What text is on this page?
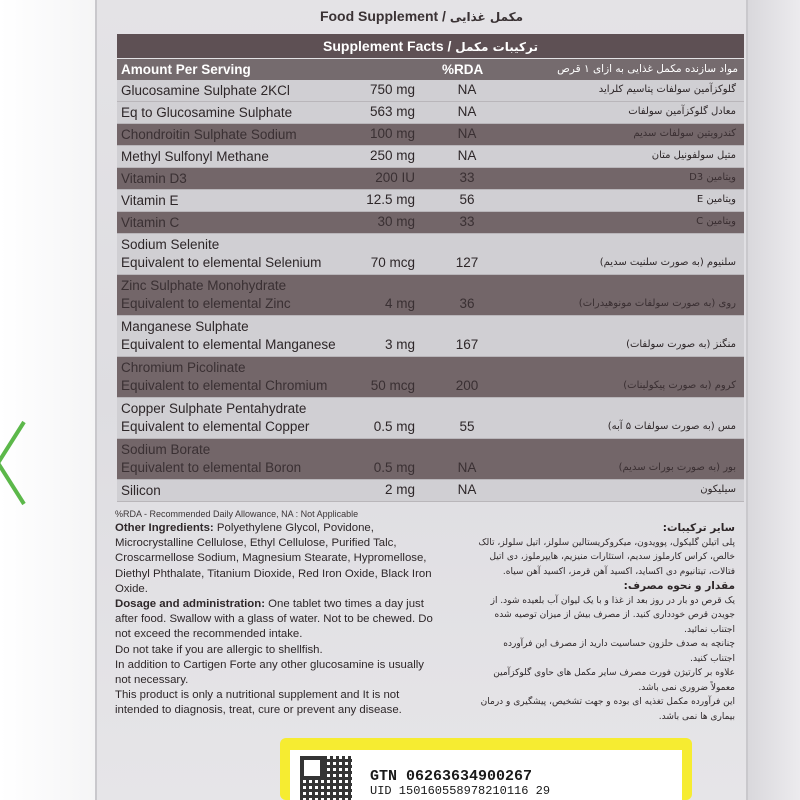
Food Supplement / مکمل غذایی
Supplement Facts / ترکیبات مکمل
Amount Per Serving	%RDA	مواد سازنده مکمل غذایی به ازای ۱ قرص
Glucosamine Sulphate 2KCl	750 mg	NA	گلوکزآمین سولفات پتاسیم کلراید
Eq to Glucosamine Sulphate	563 mg	NA	معادل گلوکزآمین سولفات
Chondroitin Sulphate Sodium	100 mg	NA	کندرویتین سولفات سدیم
Methyl Sulfonyl Methane	250 mg	NA	متیل سولفونیل متان
Vitamin D3	200 IU	33	ویتامین D3
Vitamin E	12.5 mg	56	ویتامین E
Vitamin C	30 mg	33	ویتامین C
Sodium Selenite
Equivalent to elemental Selenium	70 mcg	127	سلنیوم (به صورت سلنیت سدیم)
Zinc Sulphate Monohydrate
Equivalent to elemental Zinc	4 mg	36	روی (به صورت سولفات مونوهیدرات)
Manganese Sulphate
Equivalent to elemental Manganese	3 mg	167	منگنز (به صورت سولفات)
Chromium Picolinate
Equivalent to elemental Chromium	50 mcg	200	کروم (به صورت پیکولینات)
Copper Sulphate Pentahydrate
Equivalent to elemental Copper	0.5 mg	55	مس (به صورت سولفات ۵ آبه)
Sodium Borate
Equivalent to elemental Boron	0.5 mg	NA	بور (به صورت بورات سدیم)
Silicon	2 mg	NA	سیلیکون
%RDA - Recommended Daily Allowance, NA : Not Applicable

Other Ingredients: Polyethylene Glycol, Povidone, Microcrystalline Cellulose, Ethyl Cellulose, Purified Talc, Croscarmellose Sodium, Magnesium Stearate, Hypromellose, Diethyl Phthalate, Titanium Dioxide, Red Iron Oxide, Black Iron Oxide.

Dosage and administration: One tablet two times a day just after food. Swallow with a glass of water. Not to be chewed. Do not exceed the recommended intake.

Do not take if you are allergic to shellfish.

In addition to Cartigen Forte any other glucosamine is usually not necessary.

This product is only a nutritional supplement and It is not intended to diagnosis, treat, cure or prevent any disease.

سایر ترکیبات:
پلی اتیلن گلیکول، پوویدون، میکروکریستالین سلولز، اتیل سلولز، تالک خالص، کراس کارملوز سدیم، استئارات منیزیم، هایپرملوز، دی اتیل فتالات، تیتانیوم دی اکساید، اکسید آهن قرمز، اکسید آهن سیاه.
مقدار و نحوه مصرف:
یک قرص دو بار در روز بعد از غذا و با یک لیوان آب بلعیده شود. از جویدن قرص خودداری کنید. از مصرف بیش از میزان توصیه شده اجتناب نمائید.
چنانچه به صدف حلزون حساسیت دارید از مصرف این فرآورده اجتناب کنید.
علاوه بر کارتیژن فورت مصرف سایر مکمل های حاوی گلوکزآمین معمولاً ضروری نمی باشد.
این فرآورده مکمل تغذیه ای بوده و جهت تشخیص، پیشگیری و درمان بیماری ها نمی باشد.
GTN 06263634900267
UID 150160558978210116 29
